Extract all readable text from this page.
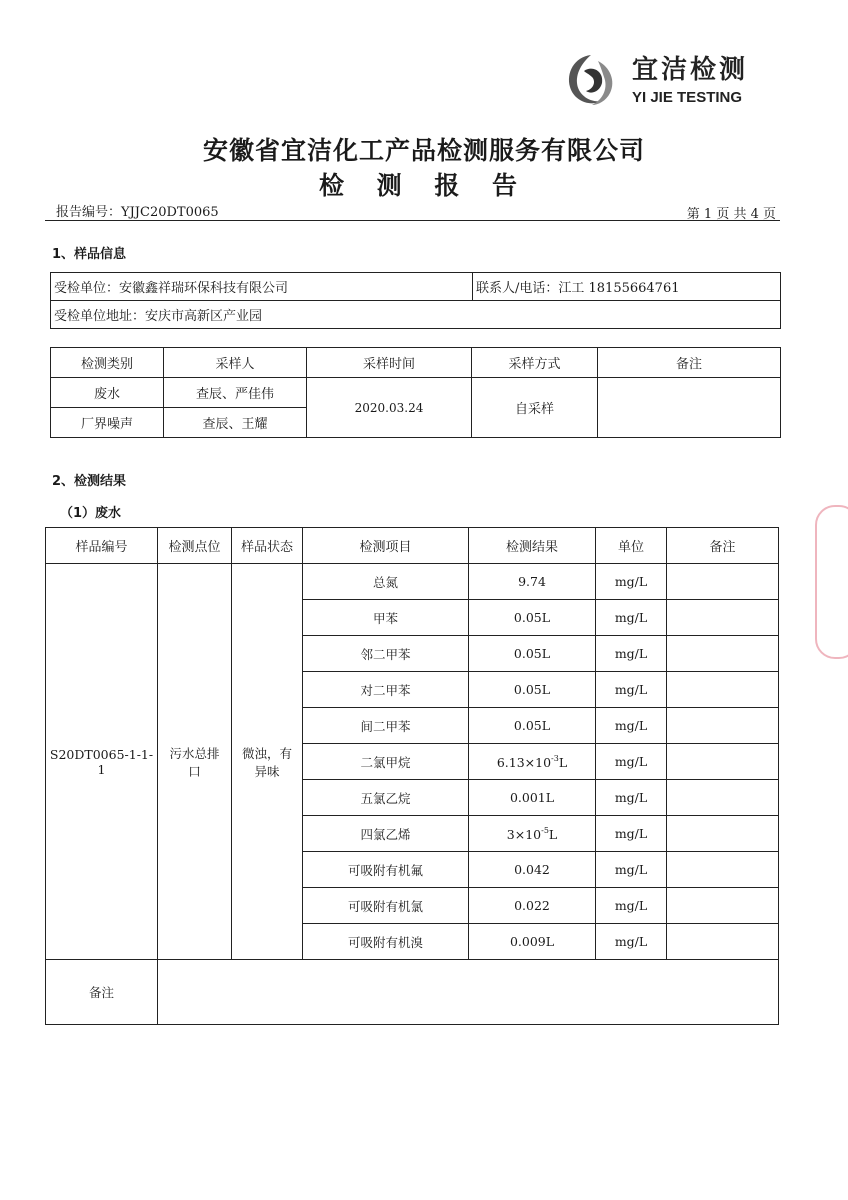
宜洁检测
YI JIE TESTING
安徽省宜洁化工产品检测服务有限公司
检 测 报 告
报告编号：YJJC20DT0065	第 1 页 共 4 页
1、样品信息
受检单位：安徽鑫祥瑞环保科技有限公司	联系人/电话：江工 18155664761
受检单位地址：安庆市高新区产业园
检测类别	采样人	采样时间	采样方式	备注
废水	查辰、严佳伟	2020.03.24	自采样	
厂界噪声	查辰、王耀			
2、检测结果
（1）废水
样品编号	检测点位	样品状态	检测项目	检测结果	单位	备注
S20DT0065-1-1-1	污水总排口	微浊，有异味	总氮	9.74	mg/L	
			甲苯	0.05L	mg/L	
			邻二甲苯	0.05L	mg/L	
			对二甲苯	0.05L	mg/L	
			间二甲苯	0.05L	mg/L	
			二氯甲烷	$6.13\times 10^{-3}L$	mg/L	
			五氯乙烷	0.001L	mg/L	
			四氯乙烯	$3\times 10^{-5}L$	mg/L	
			可吸附有机氟	0.042	mg/L	
			可吸附有机氯	0.022	mg/L	
			可吸附有机溴	0.009L	mg/L	
备注						
